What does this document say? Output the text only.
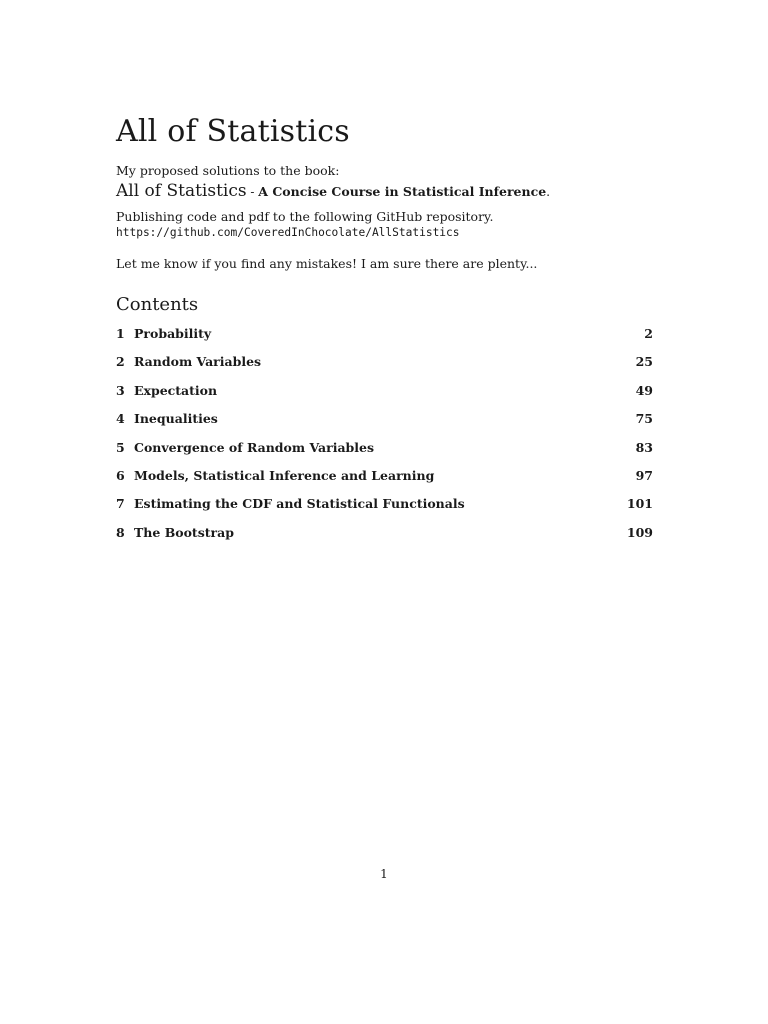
All of Statistics
My proposed solutions to the book:
All of Statistics - A Concise Course in Statistical Inference.
Publishing code and pdf to the following GitHub repository.
https://github.com/CoveredInChocolate/AllStatistics
Let me know if you find any mistakes! I am sure there are plenty...
Contents
1 Probability	2
2 Random Variables	25
3 Expectation	49
4 Inequalities	75
5 Convergence of Random Variables	83
6 Models, Statistical Inference and Learning	97
7 Estimating the CDF and Statistical Functionals	101
8 The Bootstrap	109
1
